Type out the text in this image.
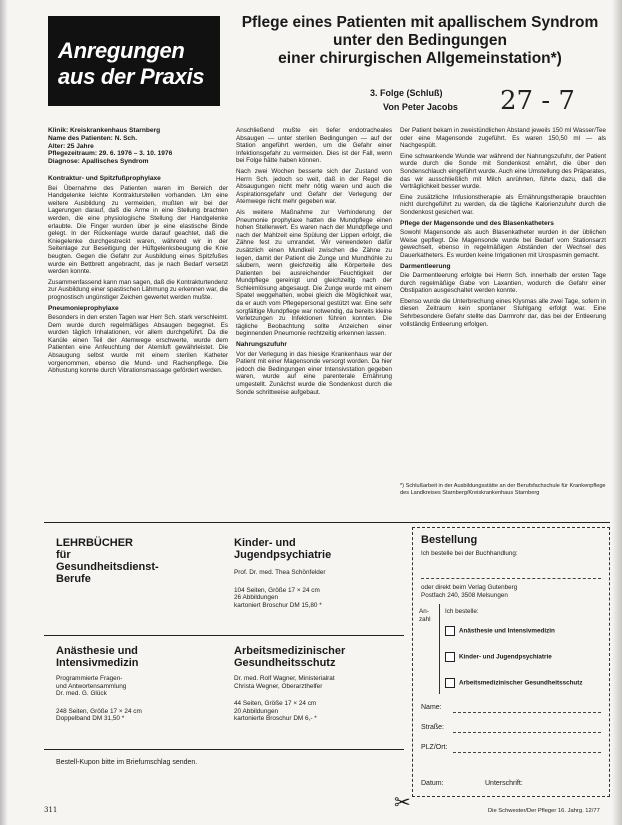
Anregungen
aus der Praxis
Pflege eines Patienten mit apallischem Syndrom
unter den Bedingungen
einer chirurgischen Allgemeinstation*)
3. Folge (Schluß)
Von Peter Jacobs 27 - 7
Klinik: Kreiskrankenhaus Starnberg
Name des Patienten: N. Sch.
Alter: 25 Jahre
Pflegezeitraum: 29. 6. 1976 – 3. 10. 1976
Diagnose: Apallisches Syndrom
Kontraktur- und Spitzfußprophylaxe

Bei Übernahme des Patienten waren im Bereich der Handgelenke leichte Kontrakturstellen vorhanden. Um eine weitere Ausbildung zu vermeiden, mußten wir bei der Lagerungen darauf, daß die Arme in eine Stellung brachten werden, die eine physiologische Stellung der Handgelenke erlaubte. Die Finger wurden über je eine elastische Binde gelegt. In der Rückenlage wurde darauf geachtet, daß die Kniegelenke durchgestreckt waren, während wir in der Seitenlage zur Beseitigung der Hüftgelenksbeugung die Knie beugten. Gegen die Gefahr zur Ausbildung eines Spitzfußes wurde ein Bettbrett angebracht, das je nach Bedarf versetzt werden konnte.

Zusammenfassend kann man sagen, daß die Kontrakturtendenz zur Ausbildung einer spastischen Lähmung zu erkennen war, die prognostisch ungünstiger Zeichen gewertet werden mußte.

Pneumonieprophylaxe

Besonders in den ersten Tagen war Herr Sch. stark verschleimt. Dem wurde durch regelmäßiges Absaugen begegnet. Es wurden täglich Inhalationen, vor allem durchgeführt. Da die Kanüle einen Teil der Atemwege erschwerte, wurde dem Patienten eine Anfeuchtung der Atemluft gewährleistet. Die Absaugung selbst wurde mit einem sterilen Katheter vorgenommen, ebenso die Mund- und Rachenpflege. Die Abhustung konnte durch Vibrationsmassage gefördert werden.

Anschließend mußte ein tiefer endotracheales Absaugen — unter sterilen Bedingungen — auf der Station angeführt werden, um die Gefahr einer Infektionsgefahr zu vermeiden. Dies ist der Fall, wenn bei Folge hätte haben können.

Nach zwei Wochen besserte sich der Zustand von Herrn Sch. jedoch so weit, daß in der Regel die Absaugungen nicht mehr nötig waren und auch die Aspirationsgefahr und Gefahr der Verlegung der Atemwege nicht mehr gegeben war.

Als weitere Maßnahme zur Verhinderung der Pneumonie prophylaxe hatten die Mundpflege einen hohen Stellenwert. Es waren nach der Mundpflege und nach der Mahlzeit eine Spülung der Lippen erfolgt, die Zähne fest zu umrandet. Wir verwendeten dafür zusätzlich einen Mundkeil zwischen die Zähne zu legen, damit der Patient die Zunge und Mundhöhle zu säubern, wenn gleichzeitig alle Körperteile des Patienten bei ausreichender Feuchtigkeit der Mundpflege gereinigt und gleichzeitig nach der Schleimlösung abgesaugt. Die Zunge wurde mit einem Spatel weggehalten, wobei gleich die Möglichkeit war, da er auch vom Pflegepersonal gestützt war. Eine sehr sorgfältige Mundpflege war notwendig, da bereits kleine Verletzungen zu Infektionen führen konnten. Die tägliche Beobachtung sollte Anzeichen einer beginnenden Pneumonie rechtzeitig erkennen lassen.

Nahrungszufuhr

Vor der Verlegung in das hiesige Krankenhaus war der Patient mit einer Magensonde versorgt worden. Da hier jedoch die Bedingungen einer Intensivstation gegeben waren, wurde auf eine parenterale Ernährung umgestellt. Zunächst wurde die Sondenkost durch die Sonde schrittweise aufgebaut.

Der Patient bekam in zweistündlichen Abstand jeweils 150 ml Wasser/Tee oder eine Magensonde zugeführt. Es waren 150,50 ml — als Nachgespült.

Eine schwankende Wunde war während der Nahrungszufuhr, der Patient wurde durch die Sonde mit Sondenkost ernährt, die über den Sondenschlauch eingeführt wurde. Auch eine Umstellung des Präparates, das wir ausschließlich mit Milch anrührten, führte dazu, daß die Verträglichkeit besser wurde.

Eine zusätzliche Infusionstherapie als Ernährungstherapie brauchten nicht durchgeführt zu werden, da die tägliche Kalorienzufuhr durch die Sondenkost gesichert war.

Pflege der Magensonde und des Blasenkatheters

Sowohl Magensonde als auch Blasenkatheter wurden in der üblichen Weise gepflegt. Die Magensonde wurde bei Bedarf vom Stationsarzt gewechselt, ebenso in regelmäßigen Abständen der Wechsel des Dauerkatheters. Es wurden keine Irrigationen mit Urospasmin gemacht.

Darmentleerung

Die Darmentleerung erfolgte bei Herrn Sch. innerhalb der ersten Tage durch regelmäßige Gabe von Laxantien, wodurch die Gefahr einer Obstipation ausgeschaltet werden konnte.

Ebenso wurde die Unterbrechung eines Klysmas alle zwei Tage, sofern in diesen Zeitraum kein spontaner Stuhlgang erfolgt war. Eine Sehrbesondere Gefahr stellte das Darmrohr dar, das bei der Entleerung vollständig Entleerung erfolgen.

*) Schlußarbeit in der Ausbildungsstätte an der Berufsfachschule für Krankenpflege des Landkreises Starnberg/Kreiskrankenhaus Starnberg
LEHRBÜCHER
für
Gesundheitsdienst-
Berufe
Kinder- und
Jugendpsychiatrie
Prof. Dr. med. Thea Schönfelder
104 Seiten, Größe 17 × 24 cm
26 Abbildungen
kartoniert Broschur DM 15,80 *
Anästhesie und
Intensivmedizin
Programmierte Fragen-
und Antwortensammlung
Dr. med. G. Glück
248 Seiten, Größe 17 × 24 cm
Doppelband DM 31,50 *
Arbeitsmedizinischer
Gesundheitsschutz
Dr. med. Rolf Wagner, Ministerialrat
Christa Wegner, Oberarzthelfer
44 Seiten, Größe 17 × 24 cm
20 Abbildungen
kartonierte Broschur DM 6,- *
Bestell-Kupon bitte im Briefumschlag senden.
Bestellung
Ich bestelle bei der Buchhandlung:
oder direkt beim Verlag Gutenberg
Postfach 240, 3508 Melsungen
An-
zahl
Ich bestelle:
Anästhesie und Intensivmedizin
Kinder- und Jugendpsychiatrie
Arbeitsmedizinischer Gesundheitsschutz
Name:
Straße:
PLZ/Ort:
Datum:	Unterschrift:
✂
311	Die Schwester/Der Pfleger 16. Jahrg. 12/77
